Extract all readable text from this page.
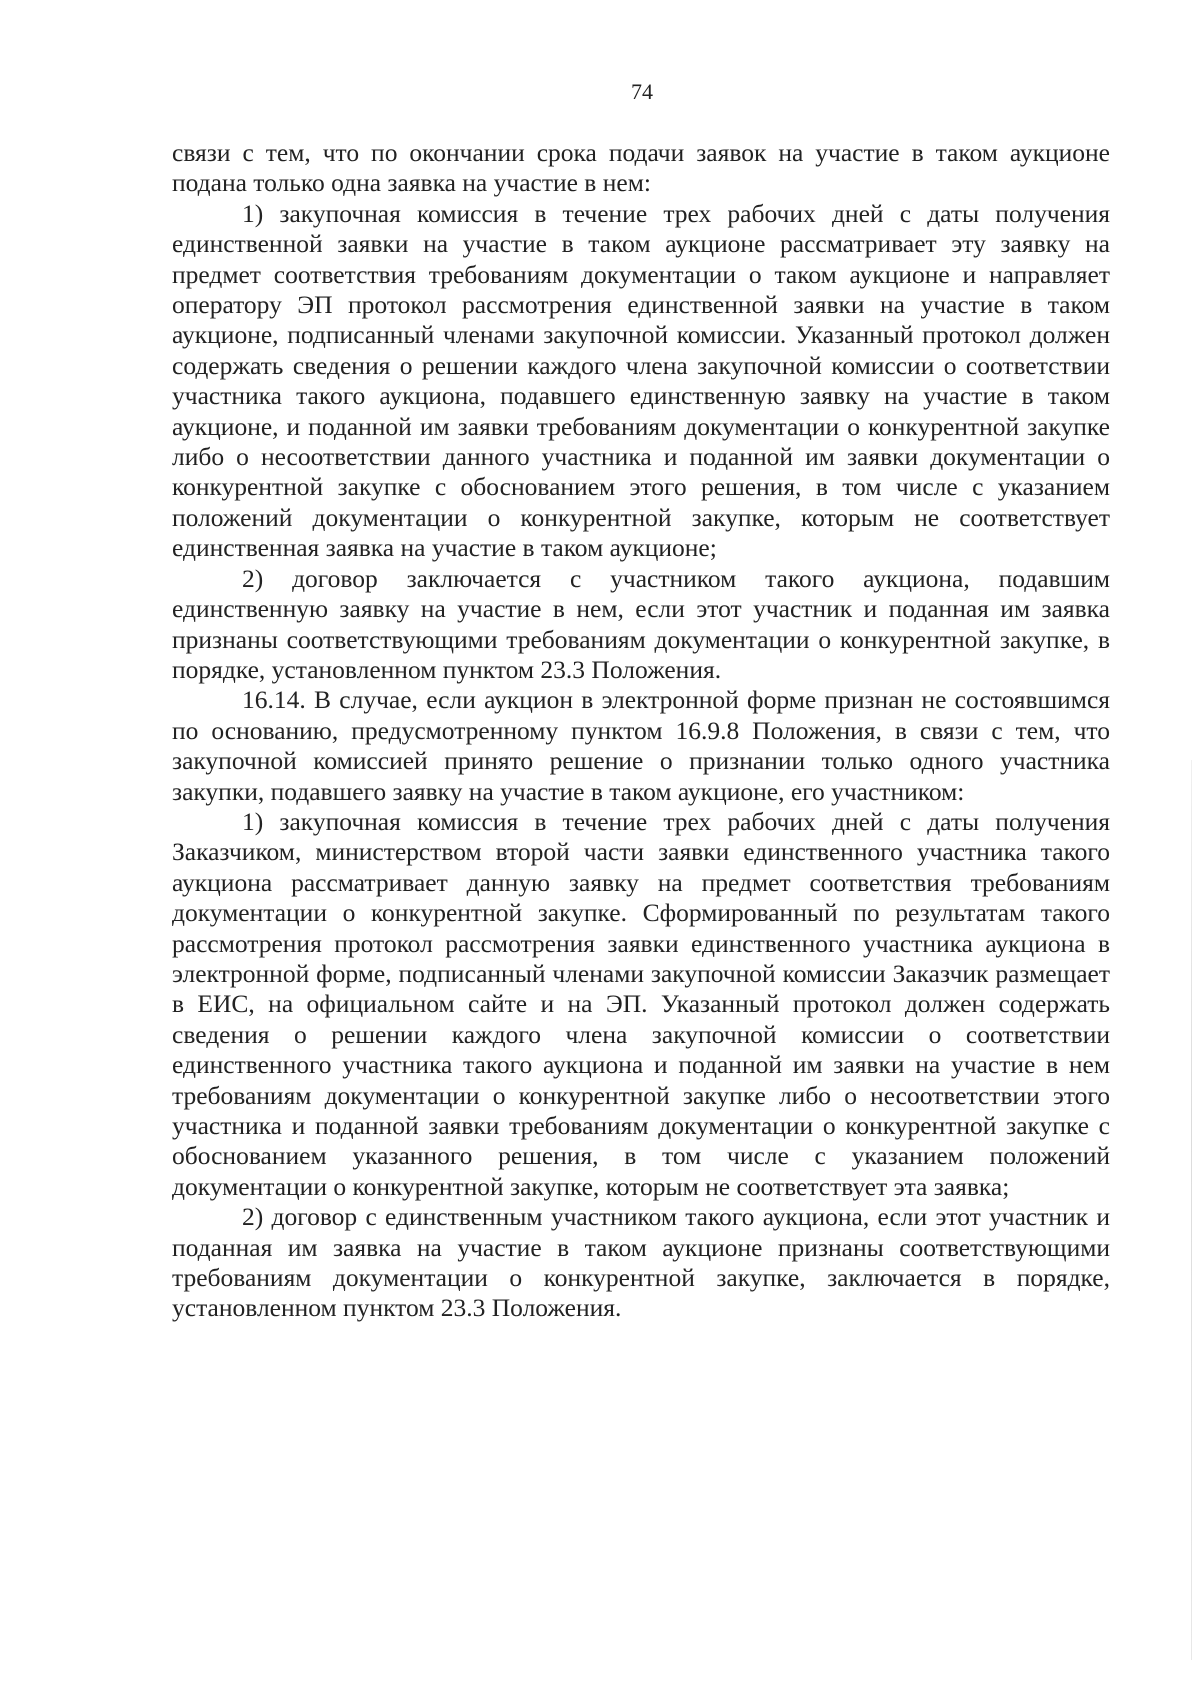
74

связи с тем, что по окончании срока подачи заявок на участие в таком аукционе подана только одна заявка на участие в нем:

1) закупочная комиссия в течение трех рабочих дней с даты получения единственной заявки на участие в таком аукционе рассматривает эту заявку на предмет соответствия требованиям документации о таком аукционе и направляет оператору ЭП протокол рассмотрения единственной заявки на участие в таком аукционе, подписанный членами закупочной комиссии. Указанный протокол должен содержать сведения о решении каждого члена закупочной комиссии о соответствии участника такого аукциона, подавшего единственную заявку на участие в таком аукционе, и поданной им заявки требованиям документации о конкурентной закупке либо о несоответствии данного участника и поданной им заявки документации о конкурентной закупке с обоснованием этого решения, в том числе с указанием положений документации о конкурентной закупке, которым не соответствует единственная заявка на участие в таком аукционе;

2) договор заключается с участником такого аукциона, подавшим единственную заявку на участие в нем, если этот участник и поданная им заявка признаны соответствующими требованиям документации о конкурентной закупке, в порядке, установленном пунктом 23.3 Положения.

16.14. В случае, если аукцион в электронной форме признан не состоявшимся по основанию, предусмотренному пунктом 16.9.8 Положения, в связи с тем, что закупочной комиссией принято решение о признании только одного участника закупки, подавшего заявку на участие в таком аукционе, его участником:

1) закупочная комиссия в течение трех рабочих дней с даты получения Заказчиком, министерством второй части заявки единственного участника такого аукциона рассматривает данную заявку на предмет соответствия требованиям документации о конкурентной закупке. Сформированный по результатам такого рассмотрения протокол рассмотрения заявки единственного участника аукциона в электронной форме, подписанный членами закупочной комиссии Заказчик размещает в ЕИС, на официальном сайте и на ЭП. Указанный протокол должен содержать сведения о решении каждого члена закупочной комиссии о соответствии единственного участника такого аукциона и поданной им заявки на участие в нем требованиям документации о конкурентной закупке либо о несоответствии этого участника и поданной заявки требованиям документации о конкурентной закупке с обоснованием указанного решения, в том числе с указанием положений документации о конкурентной закупке, которым не соответствует эта заявка;

2) договор с единственным участником такого аукциона, если этот участник и поданная им заявка на участие в таком аукционе признаны соответствующими требованиям документации о конкурентной закупке, заключается в порядке, установленном пунктом 23.3 Положения.
